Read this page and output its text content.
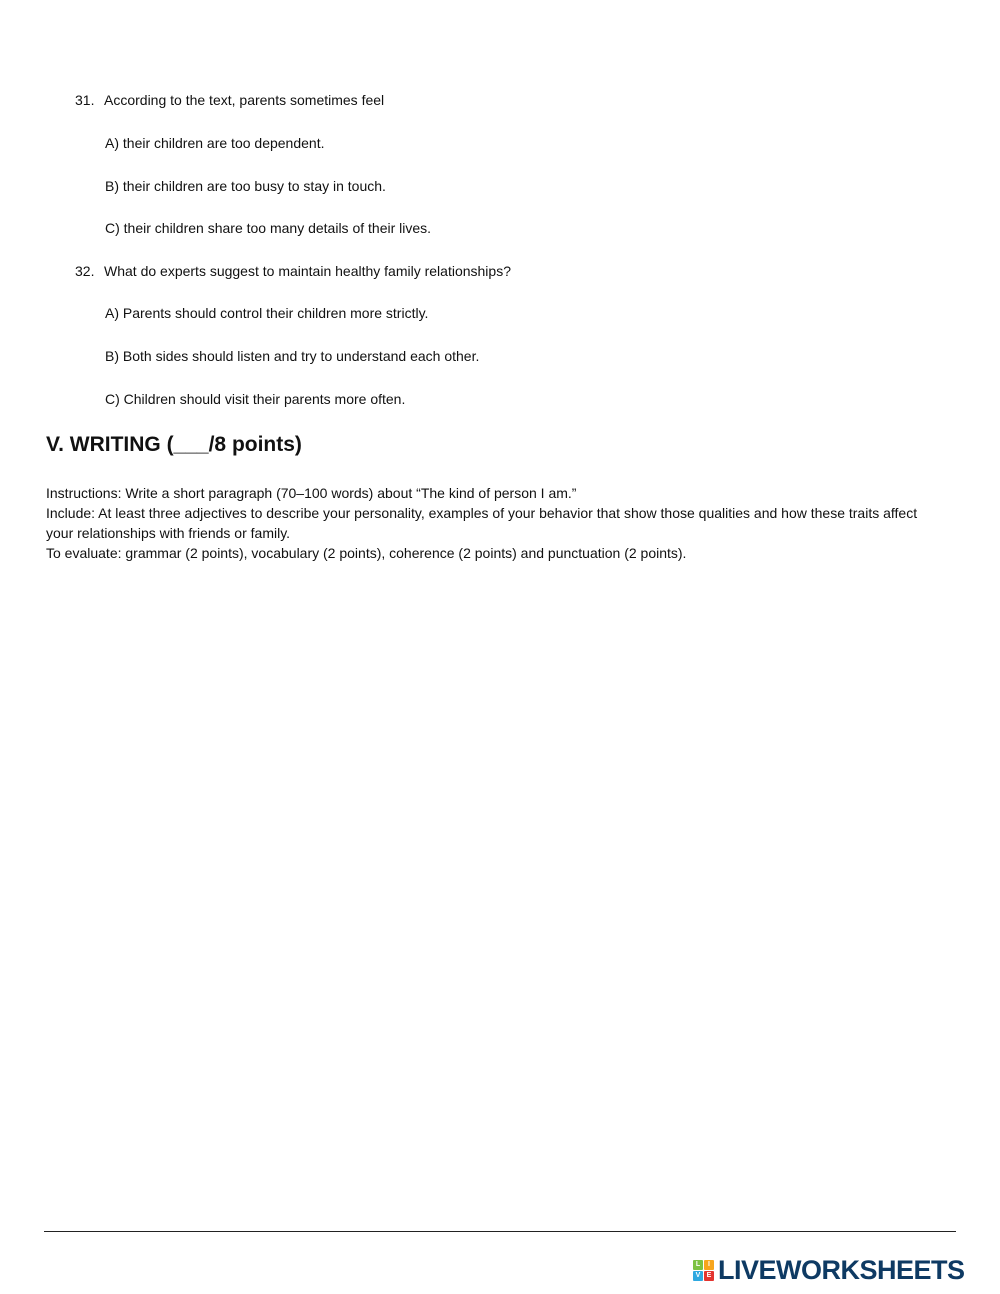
31. According to the text, parents sometimes feel
A) their children are too dependent.
B) their children are too busy to stay in touch.
C) their children share too many details of their lives.
32. What do experts suggest to maintain healthy family relationships?
A) Parents should control their children more strictly.
B) Both sides should listen and try to understand each other.
C) Children should visit their parents more often.
V. WRITING (___/8 points)

Instructions: Write a short paragraph (70–100 words) about “The kind of person I am.”

Include: At least three adjectives to describe your personality, examples of your behavior that show those qualities and how these traits affect your relationships with friends or family.

To evaluate: grammar (2 points), vocabulary (2 points), coherence (2 points) and punctuation (2 points).

L	I
V E LIVEWORKSHEETS
